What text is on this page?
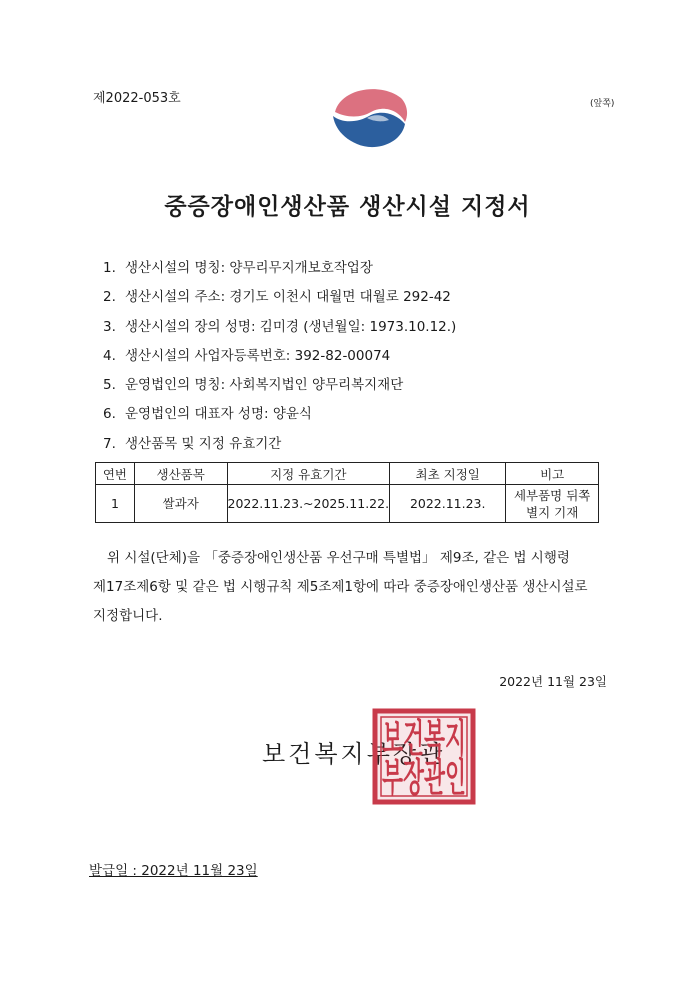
제2022-053호	(앞쪽)
중증장애인생산품 생산시설 지정서
1. 생산시설의 명칭: 양무리무지개보호작업장
2. 생산시설의 주소: 경기도 이천시 대월면 대월로 292-42
3. 생산시설의 장의 성명: 김미경 (생년월일: 1973.10.12.)
4. 생산시설의 사업자등록번호: 392-82-00074
5. 운영법인의 명칭: 사회복지법인 양무리복지재단
6. 운영법인의 대표자 성명: 양윤식
7. 생산품목 및 지정 유효기간
연번	생산품목	지정 유효기간	최초 지정일	비고
1	쌀과자	2022.11.23.~2025.11.22.	2022.11.23.	세부품명 뒤쪽
별지 기재

위 시설(단체)을 「중증장애인생산품 우선구매 특별법」 제9조, 같은 법 시행령

제17조제6항 및 같은 법 시행규칙 제5조제1항에 따라 중증장애인생산품 생산시설로

지정합니다.

2022년 11월 23일
보건복지부장관
보건복지
부장관인
발급일 : 2022년 11월 23일
